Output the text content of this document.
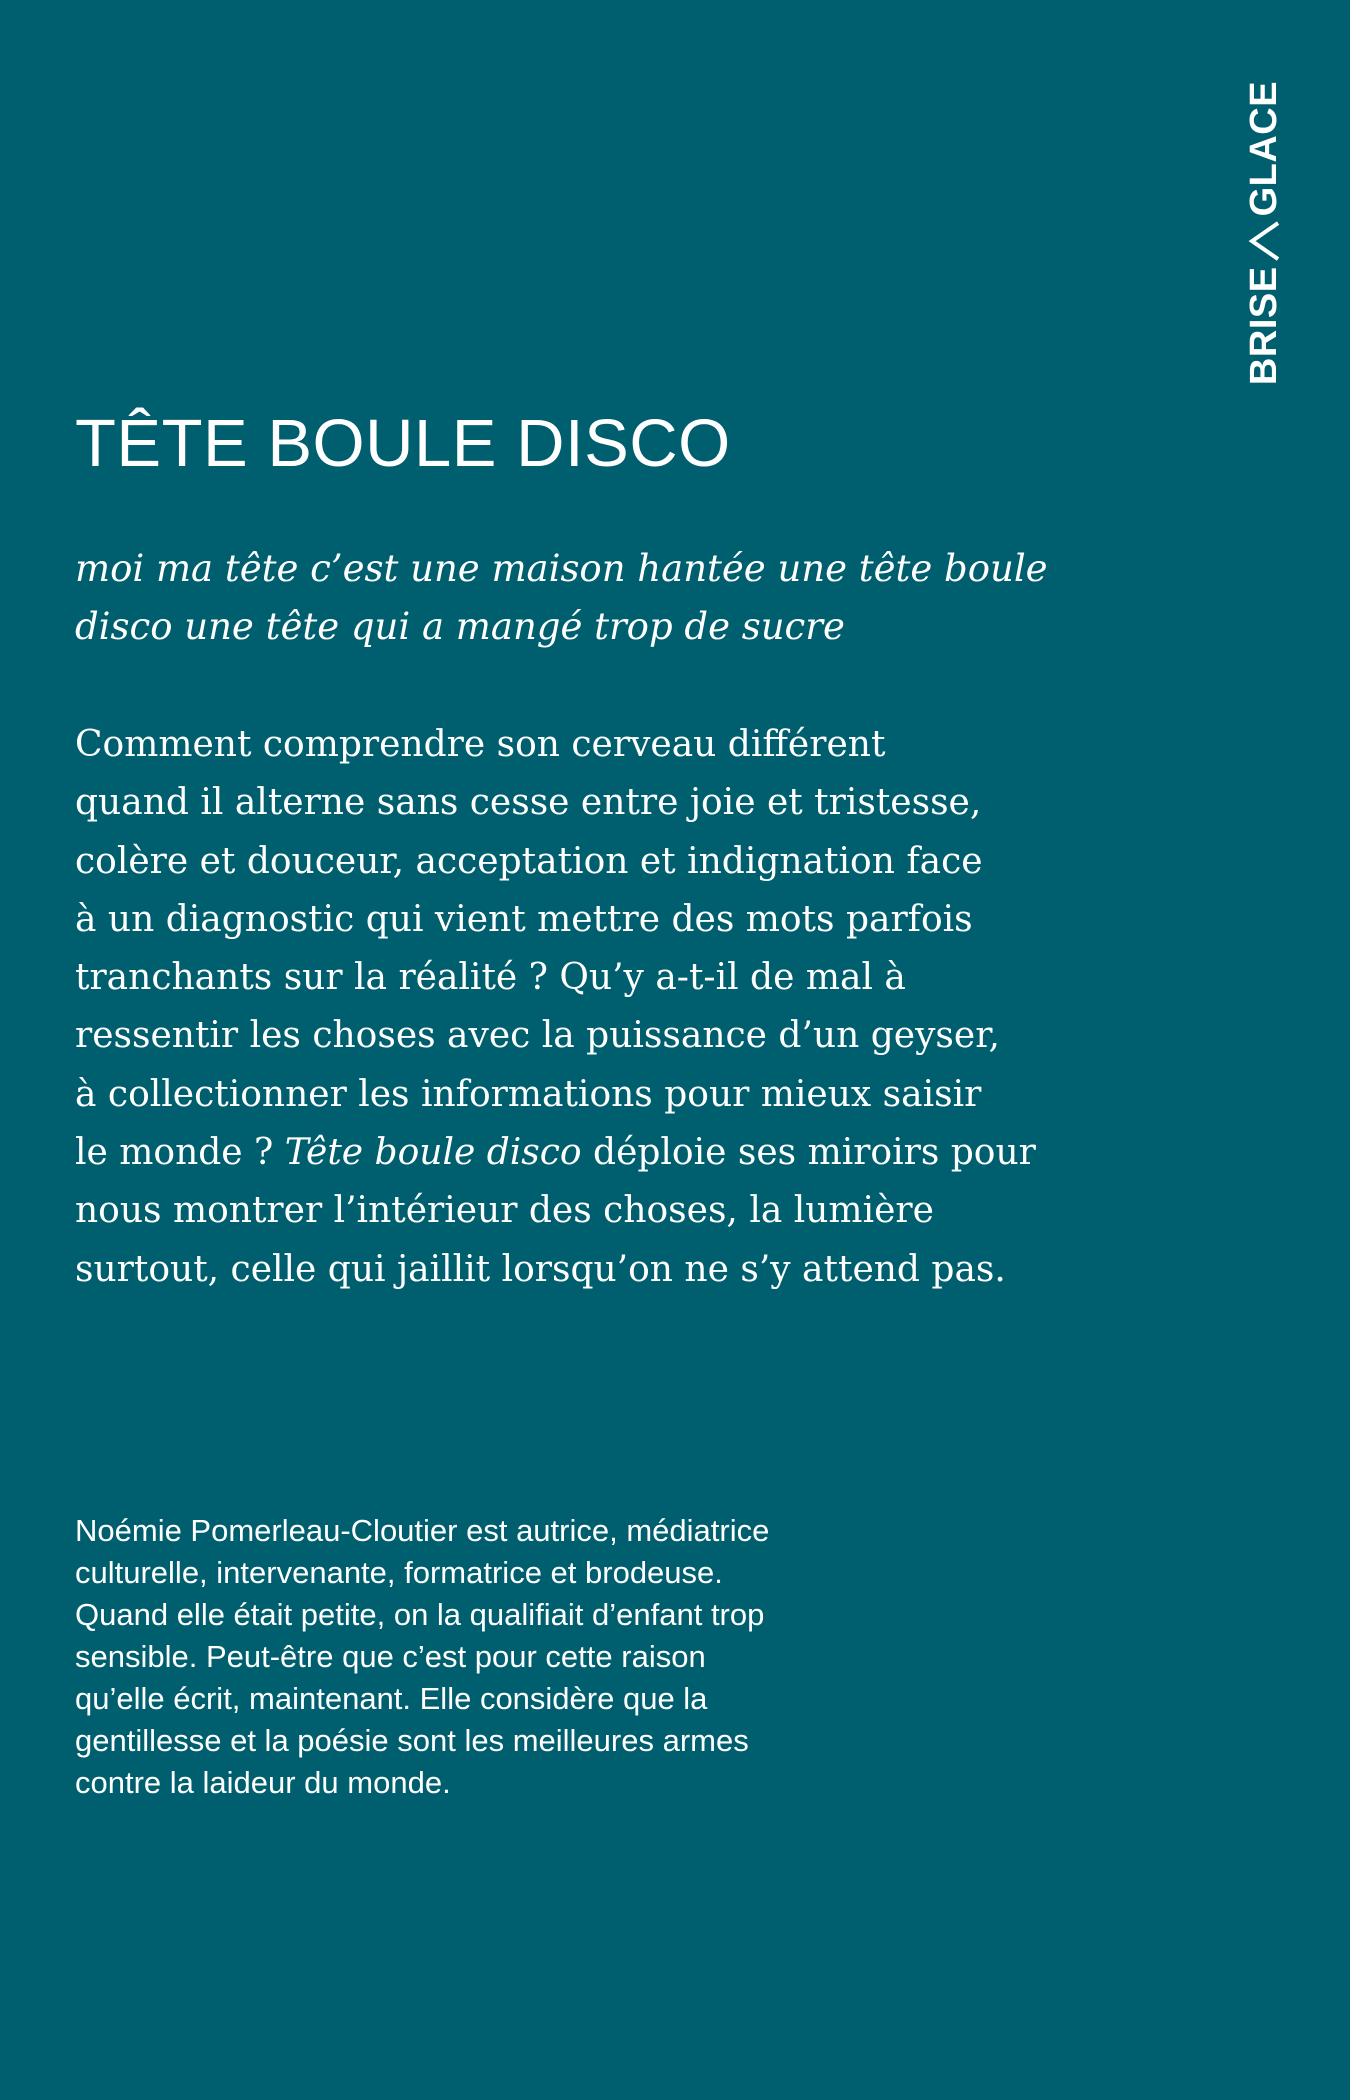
BRISE
GLACE
TÊTE BOULE DISCO

moi ma tête c’est une maison hantée une tête boule disco une tête qui a mangé trop de sucre

Comment comprendre son cerveau différent
quand il alterne sans cesse entre joie et tristesse,
colère et douceur, acceptation et indignation face
à un diagnostic qui vient mettre des mots parfois
tranchants sur la réalité ? Qu’y a-t-il de mal à
ressentir les choses avec la puissance d’un geyser,
à collectionner les informations pour mieux saisir
le monde ? Tête boule disco déploie ses miroirs pour
nous montrer l’intérieur des choses, la lumière
surtout, celle qui jaillit lorsqu’on ne s’y attend pas.

Noémie Pomerleau-Cloutier est autrice, médiatrice
culturelle, intervenante, formatrice et brodeuse.
Quand elle était petite, on la qualifiait d’enfant trop
sensible. Peut-être que c’est pour cette raison
qu’elle écrit, maintenant. Elle considère que la
gentillesse et la poésie sont les meilleures armes
contre la laideur du monde.
